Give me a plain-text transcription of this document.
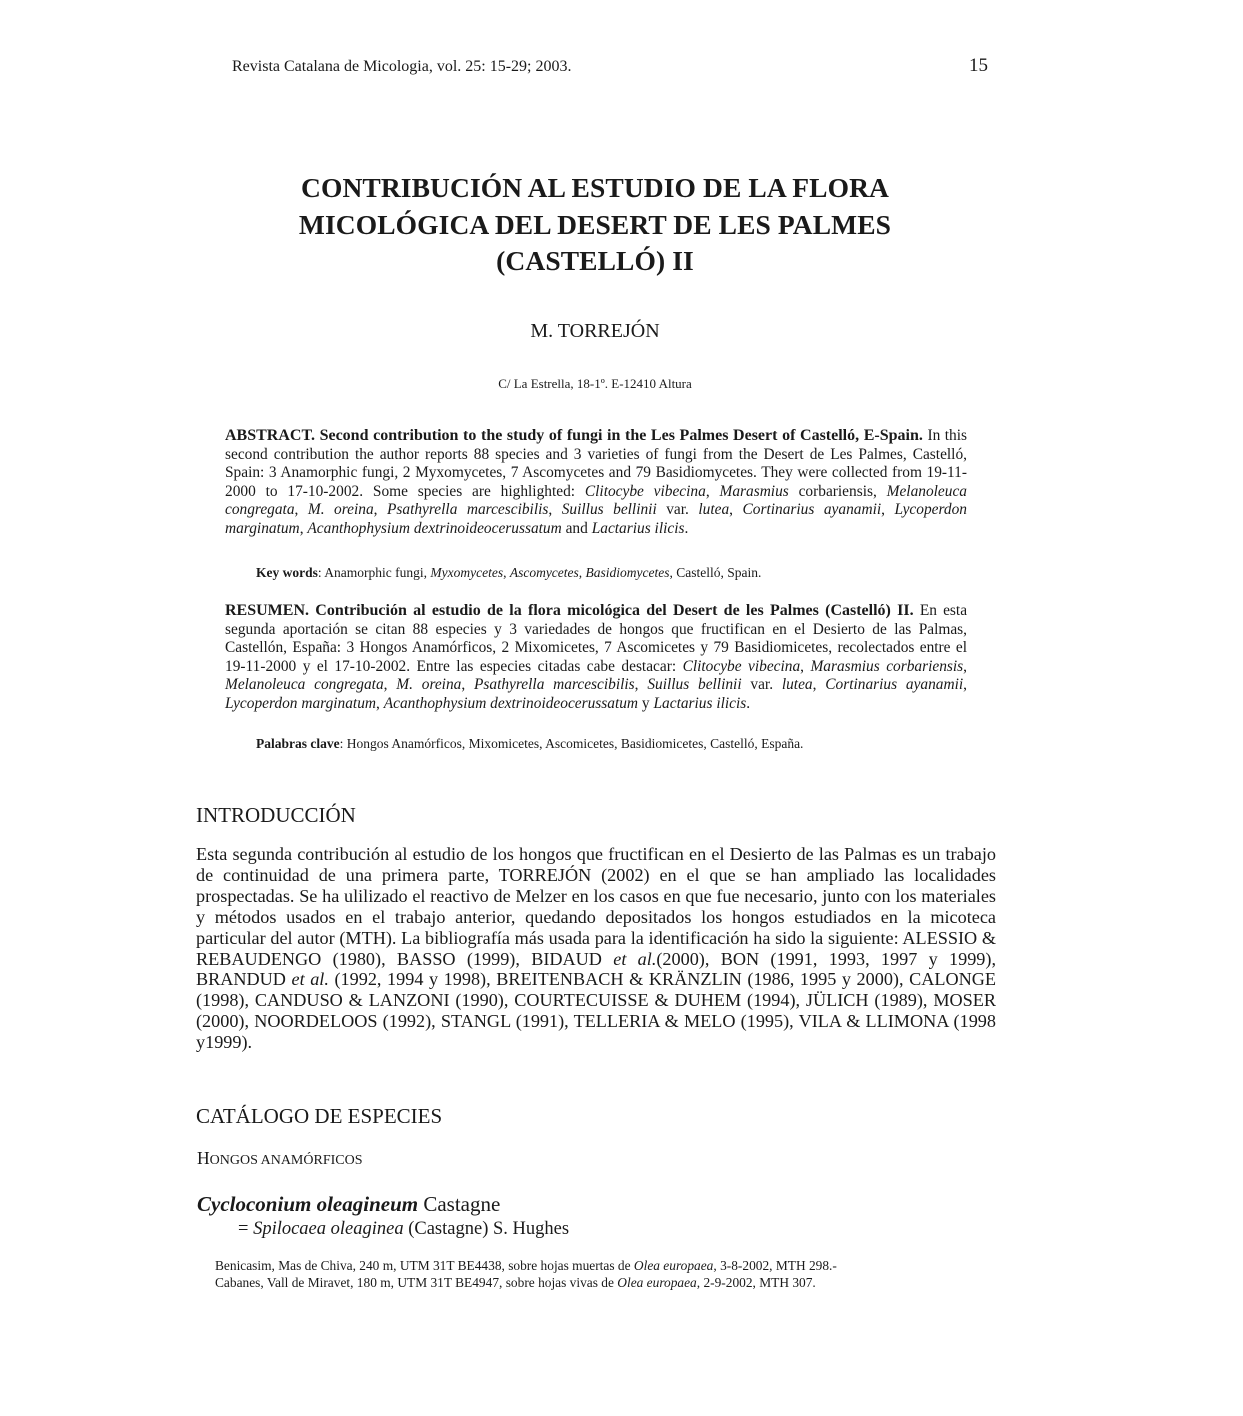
Revista Catalana de Micologia, vol. 25: 15-29; 2003.	15
CONTRIBUCIÓN AL ESTUDIO DE LA FLORA
MICOLÓGICA DEL DESERT DE LES PALMES
(CASTELLÓ) II
M. TORREJÓN
C/ La Estrella, 18-1º. E-12410 Altura
ABSTRACT. Second contribution to the study of fungi in the Les Palmes Desert of Castelló, E-Spain. In this second contribution the author reports 88 species and 3 varieties of fungi from the Desert de Les Palmes, Castelló, Spain: 3 Anamorphic fungi, 2 Myxomycetes, 7 Ascomycetes and 79 Basidiomycetes. They were collected from 19-11-2000 to 17-10-2002. Some species are highlighted: Clitocybe vibecina, Marasmius corbariensis, Melanoleuca congregata, M. oreina, Psathyrella marcescibilis, Suillus bellinii var. lutea, Cortinarius ayanamii, Lycoperdon marginatum, Acanthophysium dextrinoideocerussatum and Lactarius ilicis.
Key words: Anamorphic fungi, Myxomycetes, Ascomycetes, Basidiomycetes, Castelló, Spain.
RESUMEN. Contribución al estudio de la flora micológica del Desert de les Palmes (Castelló) II. En esta segunda aportación se citan 88 especies y 3 variedades de hongos que fructifican en el Desierto de las Palmas, Castellón, España: 3 Hongos Anamórficos, 2 Mixomicetes, 7 Ascomicetes y 79 Basidiomicetes, recolectados entre el 19-11-2000 y el 17-10-2002. Entre las especies citadas cabe destacar: Clitocybe vibecina, Marasmius corbariensis, Melanoleuca congregata, M. oreina, Psathyrella marcescibilis, Suillus bellinii var. lutea, Cortinarius ayanamii, Lycoperdon marginatum, Acanthophysium dextrinoideocerussatum y Lactarius ilicis.
Palabras clave: Hongos Anamórficos, Mixomicetes, Ascomicetes, Basidiomicetes, Castelló, España.
INTRODUCCIÓN
Esta segunda contribución al estudio de los hongos que fructifican en el Desierto de las Palmas es un trabajo de continuidad de una primera parte, TORREJÓN (2002) en el que se han ampliado las localidades prospectadas. Se ha ulilizado el reactivo de Melzer en los casos en que fue necesario, junto con los materiales y métodos usados en el trabajo anterior, quedando depositados los hongos estudiados en la micoteca particular del autor (MTH). La bibliografía más usada para la identificación ha sido la siguiente: ALESSIO & REBAUDENGO (1980), BASSO (1999), BIDAUD et al.(2000), BON (1991, 1993, 1997 y 1999), BRANDUD et al. (1992, 1994 y 1998), BREITENBACH & KRÄNZLIN (1986, 1995 y 2000), CALONGE (1998), CANDUSO & LANZONI (1990), COURTECUISSE & DUHEM (1994), JÜLICH (1989), MOSER (2000), NOORDELOOS (1992), STANGL (1991), TELLERIA & MELO (1995), VILA & LLIMONA (1998 y1999).
CATÁLOGO DE ESPECIES
HONGOS ANAMÓRFICOS
Cycloconium oleagineum Castagne
= Spilocaea oleaginea (Castagne) S. Hughes
Benicasim, Mas de Chiva, 240 m, UTM 31T BE4438, sobre hojas muertas de Olea europaea, 3-8-2002, MTH 298.-
Cabanes, Vall de Miravet, 180 m, UTM 31T BE4947, sobre hojas vivas de Olea europaea, 2-9-2002, MTH 307.
